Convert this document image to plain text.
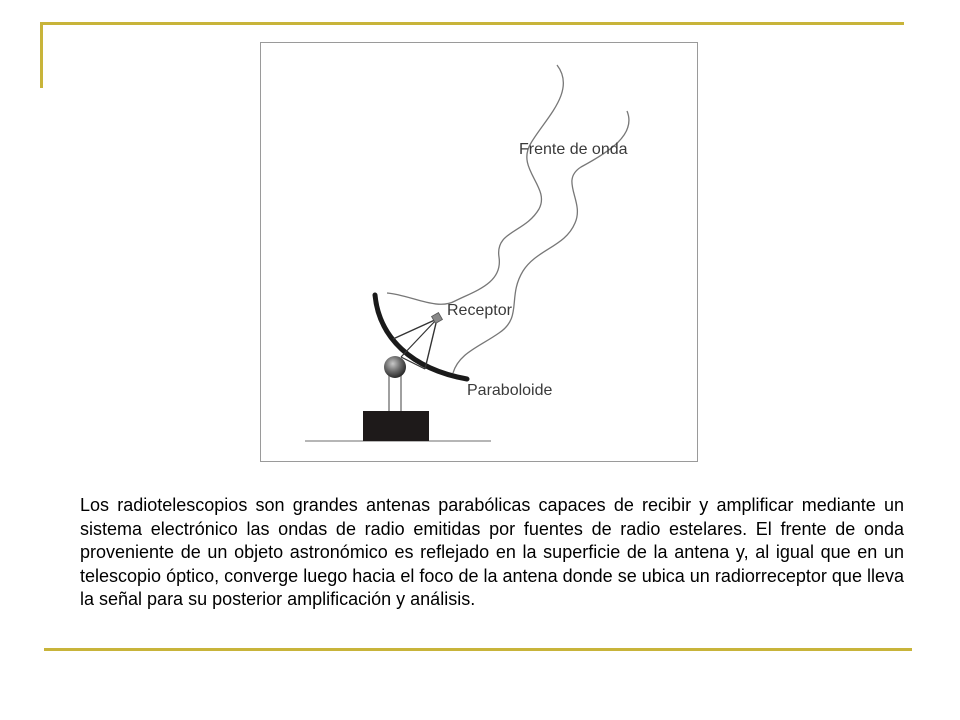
Frente de onda
Receptor
Paraboloide

Los radiotelescopios son grandes antenas parabólicas capaces de recibir y amplificar mediante un sistema electrónico las ondas de radio emitidas por fuentes de radio estelares. El frente de onda proveniente de un objeto astronómico es reflejado en la superficie de la antena y, al igual que en un telescopio óptico, converge luego hacia el foco de la antena donde se ubica un radiorreceptor que lleva la señal para su posterior amplificación y análisis.
